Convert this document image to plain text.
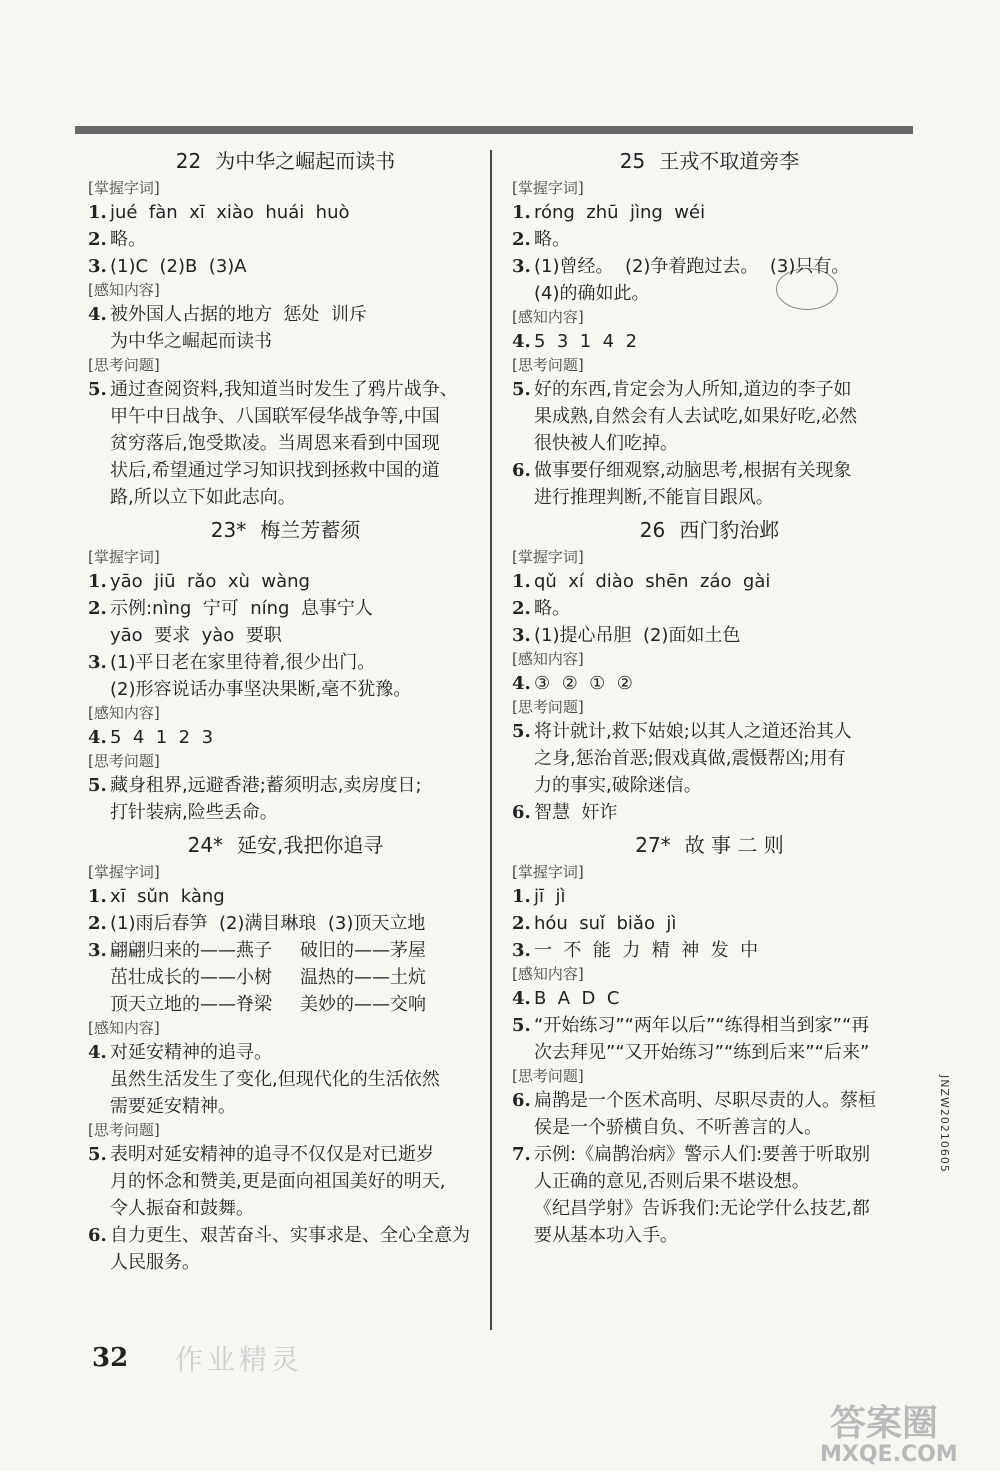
22 为中华之崛起而读书
[掌握字词]
1. jué  fàn  xī  xiào  huái  huò
2. 略。
3. (1)C  (2)B  (3)A
[感知内容]
4. 被外国人占据的地方  惩处  训斥
为中华之崛起而读书
[思考问题]
5. 通过查阅资料,我知道当时发生了鸦片战争、
甲午中日战争、八国联军侵华战争等,中国
贫穷落后,饱受欺凌。当周恩来看到中国现
状后,希望通过学习知识找到拯救中国的道
路,所以立下如此志向。
23* 梅兰芳蓄须
[掌握字词]
1. yāo  jiū  rǎo  xù  wàng
2. 示例:nìng  宁可  níng  息事宁人
yāo  要求  yào  要职
3. (1)平日老在家里待着,很少出门。
(2)形容说话办事坚决果断,毫不犹豫。
[感知内容]
4. 5  4  1  2  3
[思考问题]
5. 藏身租界,远避香港;蓄须明志,卖房度日;
打针装病,险些丢命。
24* 延安,我把你追寻
[掌握字词]
1. xī  sǔn  kàng
2. (1)雨后春笋  (2)满目琳琅  (3)顶天立地
3. 翩翩归来的——燕子	破旧的——茅屋
茁壮成长的——小树	温热的——土炕
顶天立地的——脊梁	美妙的——交响
[感知内容]
4. 对延安精神的追寻。
虽然生活发生了变化,但现代化的生活依然
需要延安精神。
[思考问题]
5. 表明对延安精神的追寻不仅仅是对已逝岁
月的怀念和赞美,更是面向祖国美好的明天,
令人振奋和鼓舞。
6. 自力更生、艰苦奋斗、实事求是、全心全意为
人民服务。
25 王戎不取道旁李
[掌握字词]
1. róng  zhū  jìng  wéi
2. 略。
3. (1)曾经。  (2)争着跑过去。  (3)只有。
(4)的确如此。
[感知内容]
4. 5  3  1  4  2
[思考问题]
5. 好的东西,肯定会为人所知,道边的李子如
果成熟,自然会有人去试吃,如果好吃,必然
很快被人们吃掉。
6. 做事要仔细观察,动脑思考,根据有关现象
进行推理判断,不能盲目跟风。
26 西门豹治邺
[掌握字词]
1. qǔ  xí  diào  shēn  záo  gài
2. 略。
3. (1)提心吊胆  (2)面如土色
[感知内容]
4. ③  ②  ①  ②
[思考问题]
5. 将计就计,救下姑娘;以其人之道还治其人
之身,惩治首恶;假戏真做,震慑帮凶;用有
力的事实,破除迷信。
6. 智慧  奸诈
27* 故 事 二 则
[掌握字词]
1. jī  jì
2. hóu  suǐ  biǎo  jì
3. 一  不  能  力  精  神  发  中
[感知内容]
4. B  A  D  C
5. “开始练习”“两年以后”“练得相当到家”“再
次去拜见”“又开始练习”“练到后来”“后来”
[思考问题]
6. 扁鹊是一个医术高明、尽职尽责的人。蔡桓
侯是一个骄横自负、不听善言的人。
7. 示例:《扁鹊治病》警示人们:要善于听取别
人正确的意见,否则后果不堪设想。
《纪昌学射》告诉我们:无论学什么技艺,都
要从基本功入手。
32 作业精灵
JNZW20210605
答案圈
MXQE.COM
